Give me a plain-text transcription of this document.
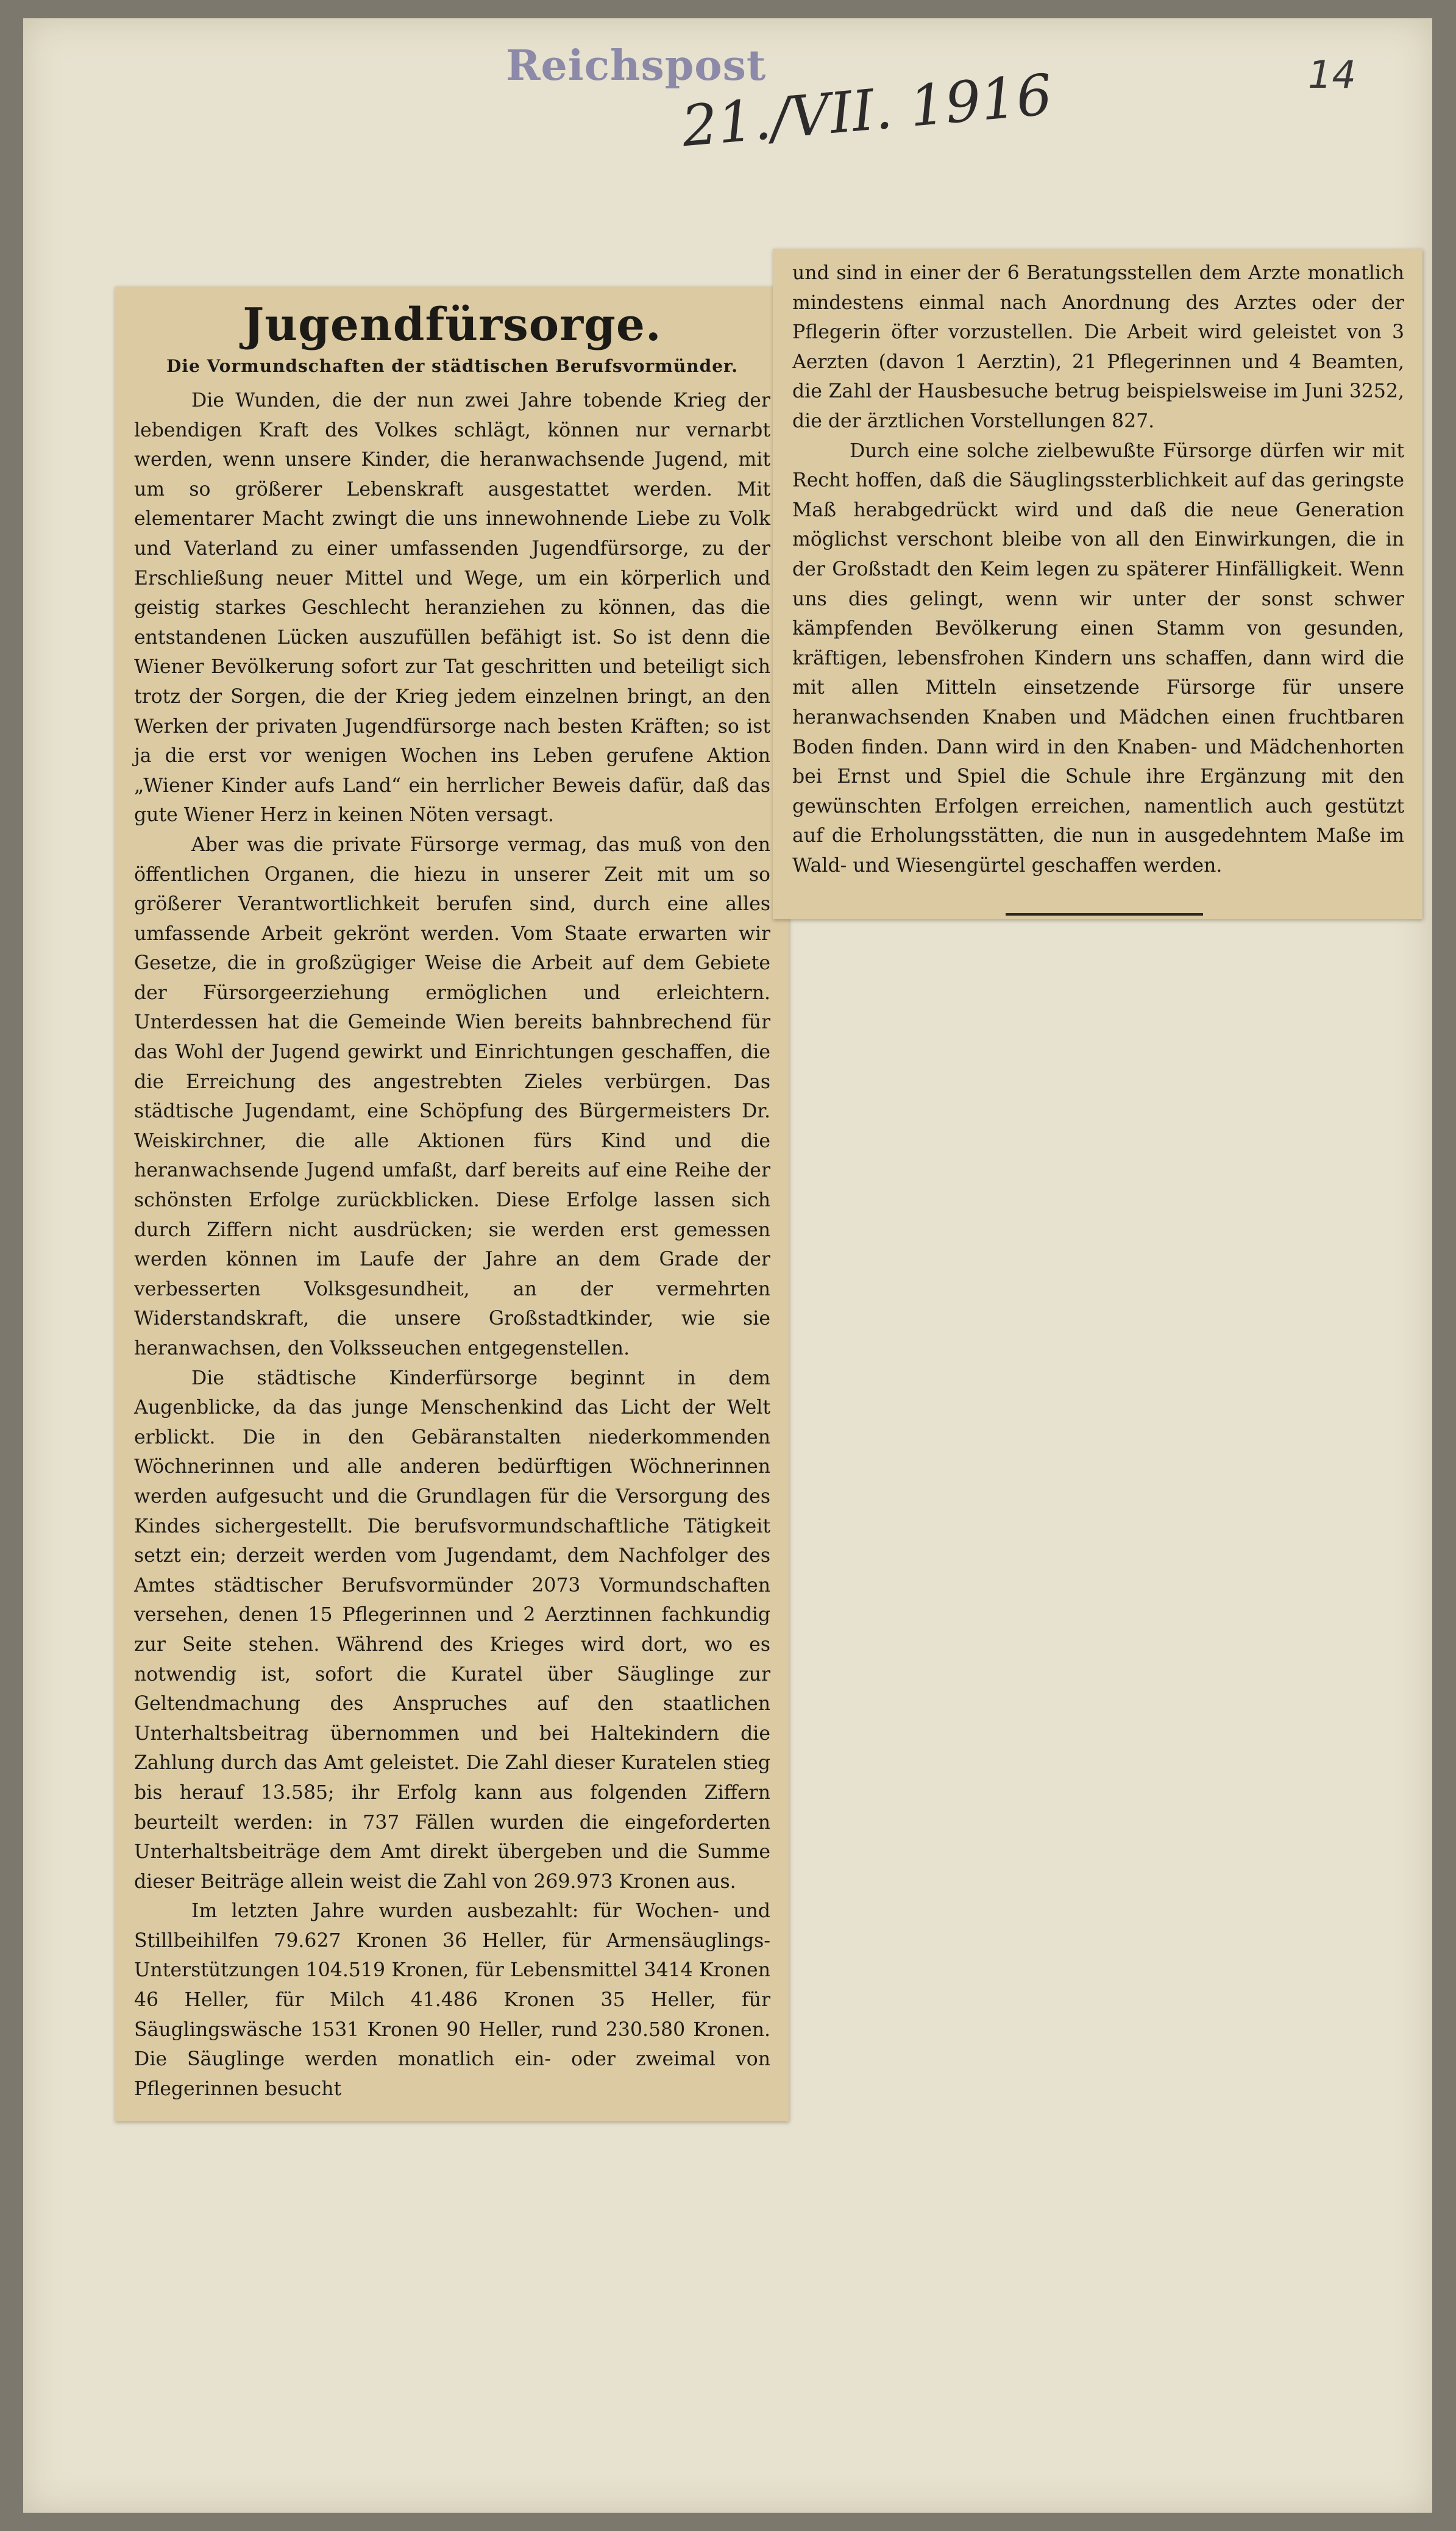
Reichspost
21./VII. 1916	14
Jugendfürsorge.
Die Vormundschaften der städtischen Berufsvormünder.

Die Wunden, die der nun zwei Jahre tobende Krieg der lebendigen Kraft des Volkes schlägt, können nur vernarbt werden, wenn unsere Kinder, die heranwachsende Jugend, mit um so größerer Lebenskraft ausgestattet werden. Mit elementarer Macht zwingt die uns innewohnende Liebe zu Volk und Vaterland zu einer umfassenden Jugendfürsorge, zu der Erschließung neuer Mittel und Wege, um ein körperlich und geistig starkes Geschlecht heranziehen zu können, das die entstandenen Lücken auszufüllen befähigt ist. So ist denn die Wiener Bevölkerung sofort zur Tat geschritten und beteiligt sich trotz der Sorgen, die der Krieg jedem einzelnen bringt, an den Werken der privaten Jugendfürsorge nach besten Kräften; so ist ja die erst vor wenigen Wochen ins Leben gerufene Aktion „Wiener Kinder aufs Land“ ein herrlicher Beweis dafür, daß das gute Wiener Herz in keinen Nöten versagt.

Aber was die private Fürsorge vermag, das muß von den öffentlichen Organen, die hiezu in unserer Zeit mit um so größerer Verantwortlichkeit berufen sind, durch eine alles umfassende Arbeit gekrönt werden. Vom Staate erwarten wir Gesetze, die in großzügiger Weise die Arbeit auf dem Gebiete der Fürsorgeerziehung ermöglichen und erleichtern. Unterdessen hat die Gemeinde Wien bereits bahnbrechend für das Wohl der Jugend gewirkt und Einrichtungen geschaffen, die die Erreichung des angestrebten Zieles verbürgen. Das städtische Jugendamt, eine Schöpfung des Bürgermeisters Dr. Weiskirchner, die alle Aktionen fürs Kind und die heranwachsende Jugend umfaßt, darf bereits auf eine Reihe der schönsten Erfolge zurückblicken. Diese Erfolge lassen sich durch Ziffern nicht ausdrücken; sie werden erst gemessen werden können im Laufe der Jahre an dem Grade der verbesserten Volksgesundheit, an der vermehrten Widerstandskraft, die unsere Großstadtkinder, wie sie heranwachsen, den Volksseuchen entgegenstellen.

Die städtische Kinderfürsorge beginnt in dem Augenblicke, da das junge Menschenkind das Licht der Welt erblickt. Die in den Gebäranstalten niederkommenden Wöchnerinnen und alle anderen bedürftigen Wöchnerinnen werden aufgesucht und die Grundlagen für die Versorgung des Kindes sichergestellt. Die berufsvormundschaftliche Tätigkeit setzt ein; derzeit werden vom Jugendamt, dem Nachfolger des Amtes städtischer Berufsvormünder 2073 Vormundschaften versehen, denen 15 Pflegerinnen und 2 Aerztinnen fachkundig zur Seite stehen. Während des Krieges wird dort, wo es notwendig ist, sofort die Kuratel über Säuglinge zur Geltendmachung des Anspruches auf den staatlichen Unterhaltsbeitrag übernommen und bei Haltekindern die Zahlung durch das Amt geleistet. Die Zahl dieser Kuratelen stieg bis herauf 13.585; ihr Erfolg kann aus folgenden Ziffern beurteilt werden: in 737 Fällen wurden die eingeforderten Unterhaltsbeiträge dem Amt direkt übergeben und die Summe dieser Beiträge allein weist die Zahl von 269.973 Kronen aus.

Im letzten Jahre wurden ausbezahlt: für Wochen- und Stillbeihilfen 79.627 Kronen 36 Heller, für Armensäuglings-Unterstützungen 104.519 Kronen, für Lebensmittel 3414 Kronen 46 Heller, für Milch 41.486 Kronen 35 Heller, für Säuglingswäsche 1531 Kronen 90 Heller, rund 230.580 Kronen. Die Säuglinge werden monatlich ein- oder zweimal von Pflegerinnen besucht

und sind in einer der 6 Beratungsstellen dem Arzte monatlich mindestens einmal nach Anordnung des Arztes oder der Pflegerin öfter vorzustellen. Die Arbeit wird geleistet von 3 Aerzten (davon 1 Aerztin), 21 Pflegerinnen und 4 Beamten, die Zahl der Hausbesuche betrug beispielsweise im Juni 3252, die der ärztlichen Vorstellungen 827.

Durch eine solche zielbewußte Fürsorge dürfen wir mit Recht hoffen, daß die Säuglingssterblichkeit auf das geringste Maß herabgedrückt wird und daß die neue Generation möglichst verschont bleibe von all den Einwirkungen, die in der Großstadt den Keim legen zu späterer Hinfälligkeit. Wenn uns dies gelingt, wenn wir unter der sonst schwer kämpfenden Bevölkerung einen Stamm von gesunden, kräftigen, lebensfrohen Kindern uns schaffen, dann wird die mit allen Mitteln einsetzende Fürsorge für unsere heranwachsenden Knaben und Mädchen einen fruchtbaren Boden finden. Dann wird in den Knaben- und Mädchenhorten bei Ernst und Spiel die Schule ihre Ergänzung mit den gewünschten Erfolgen erreichen, namentlich auch gestützt auf die Erholungsstätten, die nun in ausgedehntem Maße im Wald- und Wiesengürtel geschaffen werden.
